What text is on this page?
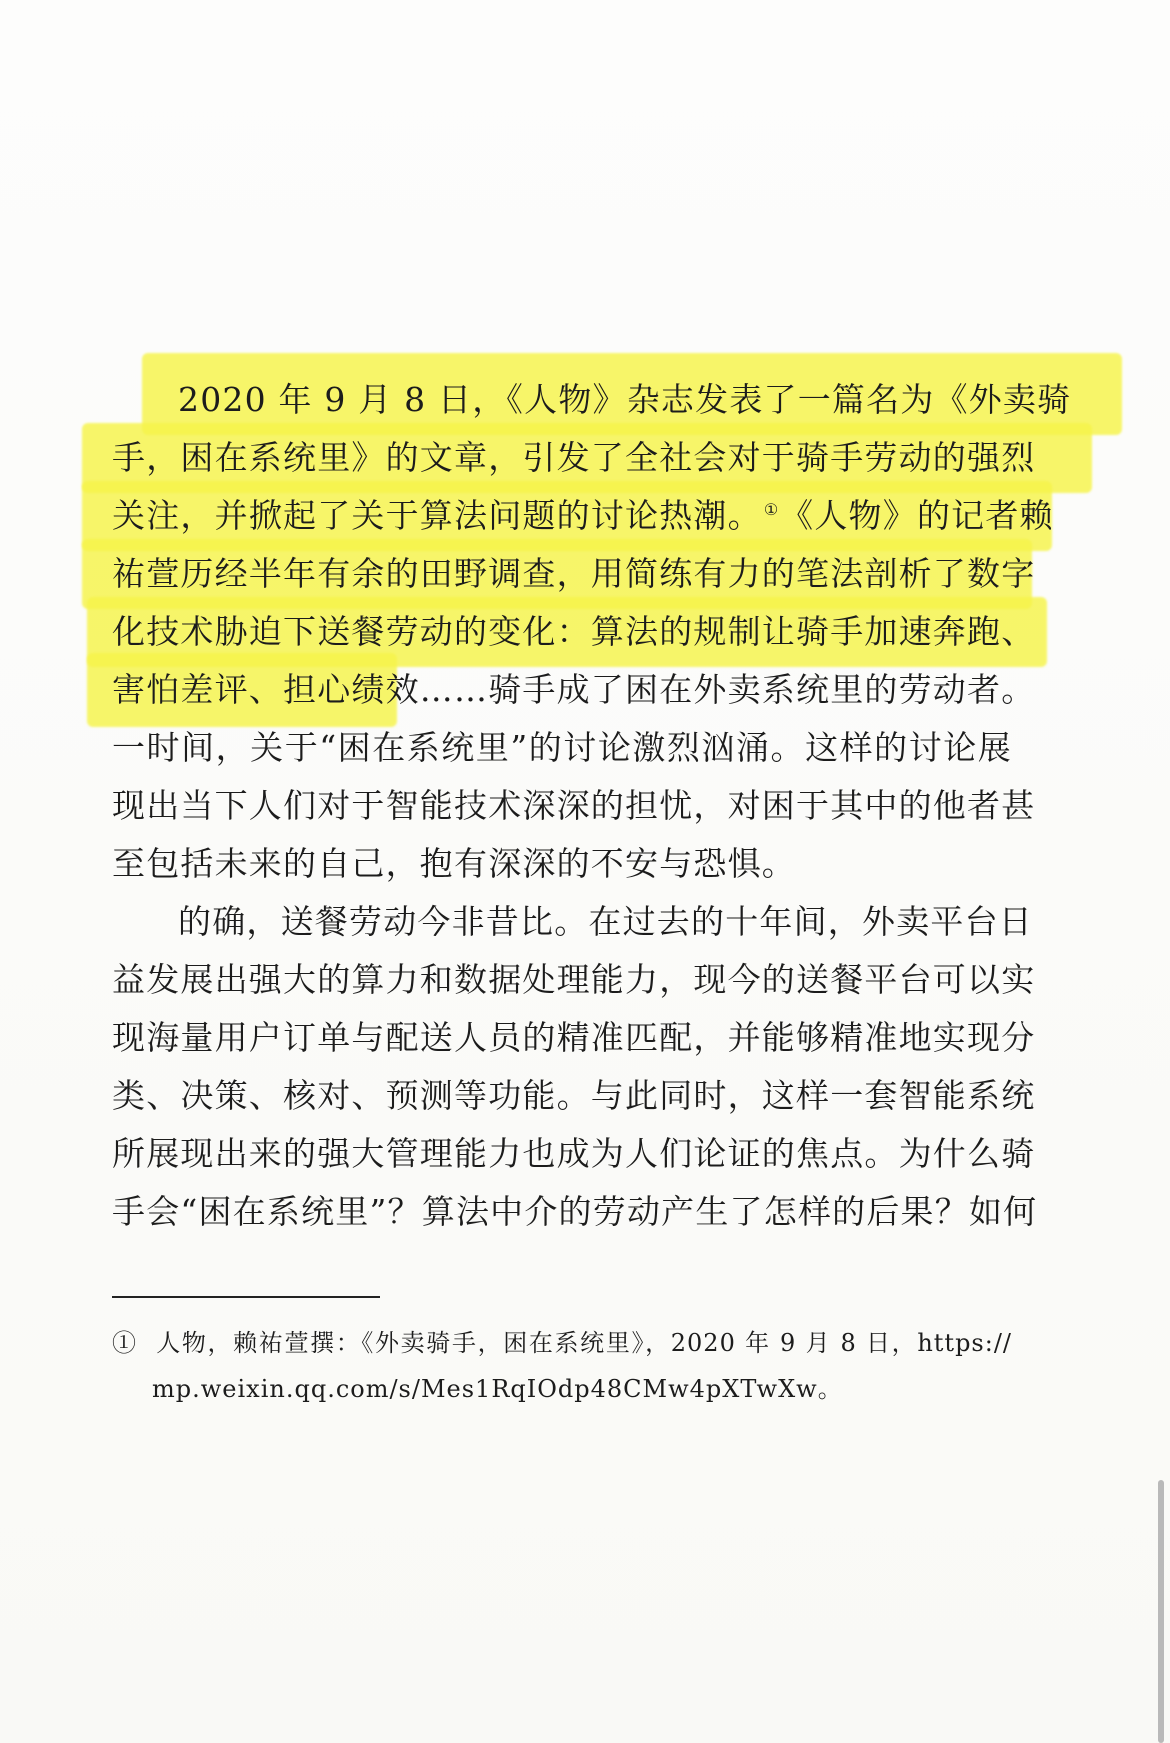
2020 年 9 月 8 日，《人物》杂志发表了一篇名为《外卖骑
手，困在系统里》的文章，引发了全社会对于骑手劳动的强烈
关注，并掀起了关于算法问题的讨论热潮。 ①《人物》的记者赖
祐萱历经半年有余的田野调查，用简练有力的笔法剖析了数字
化技术胁迫下送餐劳动的变化：算法的规制让骑手加速奔跑、
害怕差评、担心绩效……骑手成了困在外卖系统里的劳动者。
一时间，关于“困在系统里”的讨论激烈汹涌。这样的讨论展
现出当下人们对于智能技术深深的担忧，对困于其中的他者甚
至包括未来的自己，抱有深深的不安与恐惧。
的确，送餐劳动今非昔比。在过去的十年间，外卖平台日
益发展出强大的算力和数据处理能力，现今的送餐平台可以实
现海量用户订单与配送人员的精准匹配，并能够精准地实现分
类、决策、核对、预测等功能。与此同时，这样一套智能系统
所展现出来的强大管理能力也成为人们论证的焦点。为什么骑
手会“困在系统里”？算法中介的劳动产生了怎样的后果？如何
① 人物，赖祐萱撰：《外卖骑手，困在系统里》，2020 年 9 月 8 日，https://
mp.weixin.qq.com/s/Mes1RqIOdp48CMw4pXTwXw。
